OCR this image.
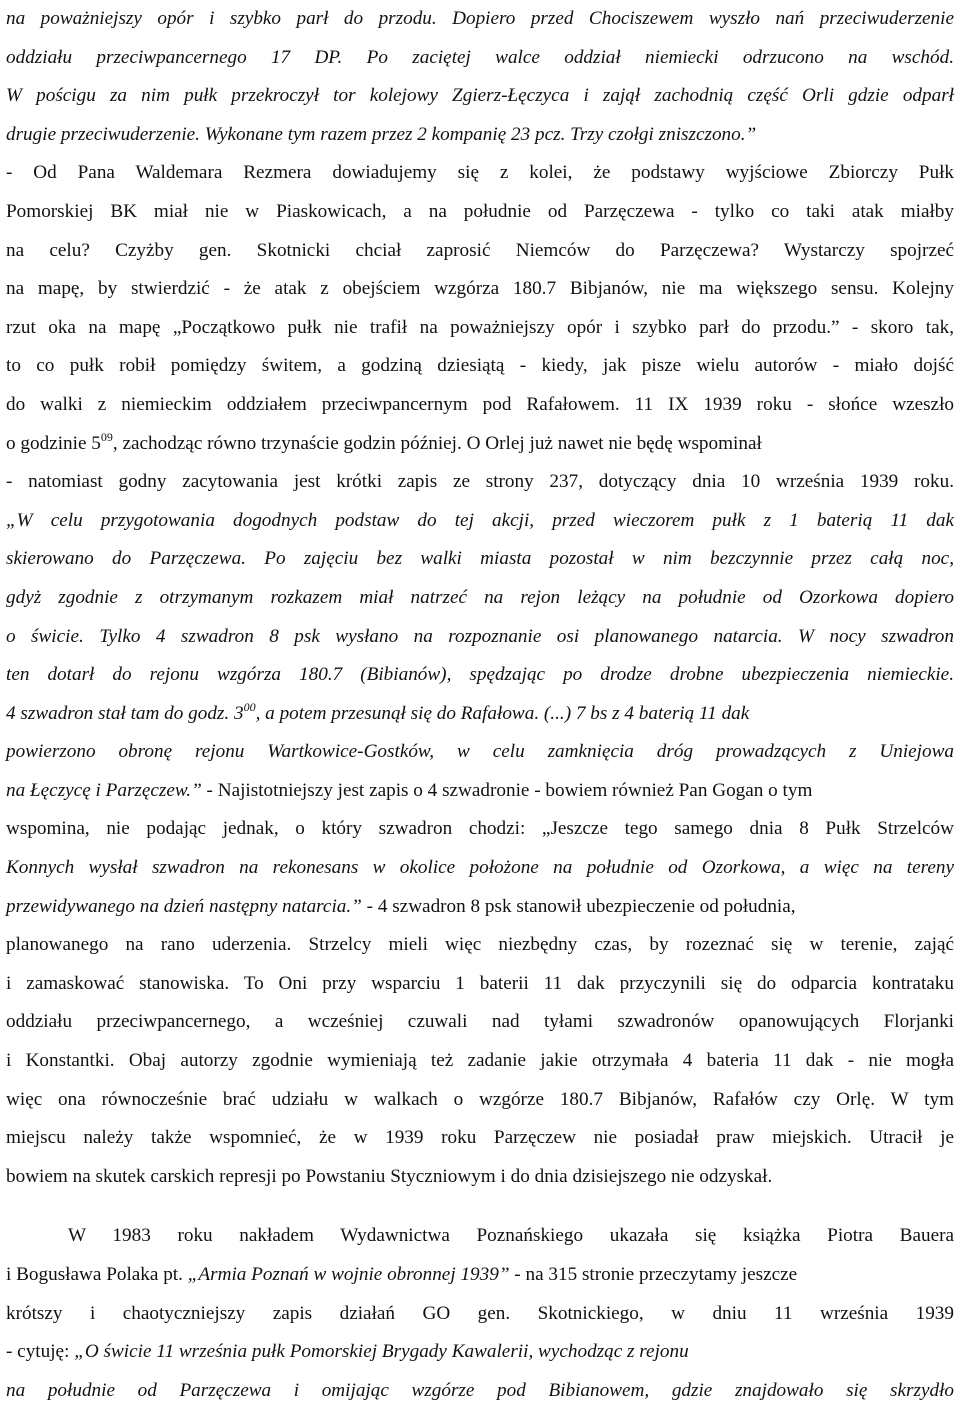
na poważniejszy opór i szybko parł do przodu. Dopiero przed Chociszewem wyszło nań przeciwuderzenie
oddziału przeciwpancernego 17 DP. Po zaciętej walce oddział niemiecki odrzucono na wschód.
W pościgu za nim pułk przekroczył tor kolejowy Zgierz-Łęczyca i zajął zachodnią część Orli gdzie odparł
drugie przeciwuderzenie. Wykonane tym razem przez 2 kompanię 23 pcz. Trzy czołgi zniszczono.”
- Od Pana Waldemara Rezmera dowiadujemy się z kolei, że podstawy wyjściowe Zbiorczy Pułk
Pomorskiej BK miał nie w Piaskowicach, a na południe od Parzęczewa - tylko co taki atak miałby
na celu? Czyżby gen. Skotnicki chciał zaprosić Niemców do Parzęczewa? Wystarczy spojrzeć
na mapę, by stwierdzić - że atak z obejściem wzgórza 180.7 Bibjanów, nie ma większego sensu. Kolejny
rzut oka na mapę „Początkowo pułk nie trafił na poważniejszy opór i szybko parł do przodu.” - skoro tak,
to co pułk robił pomiędzy świtem, a godziną dziesiątą - kiedy, jak pisze wielu autorów - miało dojść
do walki z niemieckim oddziałem przeciwpancernym pod Rafałowem. 11 IX 1939 roku - słońce wzeszło
o godzinie $5^{09}$, zachodząc równo trzynaście godzin później. O Orlej już nawet nie będę wspominał
- natomiast godny zacytowania jest krótki zapis ze strony 237, dotyczący dnia 10 września 1939 roku.
„W celu przygotowania dogodnych podstaw do tej akcji, przed wieczorem pułk z 1 baterią 11 dak
skierowano do Parzęczewa. Po zajęciu bez walki miasta pozostał w nim bezczynnie przez całą noc,
gdyż zgodnie z otrzymanym rozkazem miał natrzeć na rejon leżący na południe od Ozorkowa dopiero
o świcie. Tylko 4 szwadron 8 psk wysłano na rozpoznanie osi planowanego natarcia. W nocy szwadron
ten dotarł do rejonu wzgórza 180.7 (Bibianów), spędzając po drodze drobne ubezpieczenia niemieckie.
4 szwadron stał tam do godz. $3^{00}$, a potem przesunął się do Rafałowa. (...) 7 bs z 4 baterią 11 dak
powierzono obronę rejonu Wartkowice-Gostków, w celu zamknięcia dróg prowadzących z Uniejowa
na Łęczycę i Parzęczew.” - Najistotniejszy jest zapis o 4 szwadronie - bowiem również Pan Gogan o tym
wspomina, nie podając jednak, o który szwadron chodzi: „Jeszcze tego samego dnia 8 Pułk Strzelców
Konnych wysłał szwadron na rekonesans w okolice położone na południe od Ozorkowa, a więc na tereny
przewidywanego na dzień następny natarcia.” - 4 szwadron 8 psk stanowił ubezpieczenie od południa,
planowanego na rano uderzenia. Strzelcy mieli więc niezbędny czas, by rozeznać się w terenie, zająć
i zamaskować stanowiska. To Oni przy wsparciu 1 baterii 11 dak przyczynili się do odparcia kontrataku
oddziału przeciwpancernego, a wcześniej czuwali nad tyłami szwadronów opanowujących Florjanki
i Konstantki. Obaj autorzy zgodnie wymieniają też zadanie jakie otrzymała 4 bateria 11 dak - nie mogła
więc ona równocześnie brać udziału w walkach o wzgórze 180.7 Bibjanów, Rafałów czy Orlę. W tym
miejscu należy także wspomnieć, że w 1939 roku Parzęczew nie posiadał praw miejskich. Utracił je
bowiem na skutek carskich represji po Powstaniu Styczniowym i do dnia dzisiejszego nie odzyskał.
W 1983 roku nakładem Wydawnictwa Poznańskiego ukazała się książka Piotra Bauera
i Bogusława Polaka pt. „Armia Poznań w wojnie obronnej 1939” - na 315 stronie przeczytamy jeszcze
krótszy i chaotyczniejszy zapis działań GO gen. Skotnickiego, w dniu 11 września 1939
- cytuję: „O świcie 11 września pułk Pomorskiej Brygady Kawalerii, wychodząc z rejonu
na południe od Parzęczewa i omijając wzgórze pod Bibianowem, gdzie znajdowało się skrzydło
